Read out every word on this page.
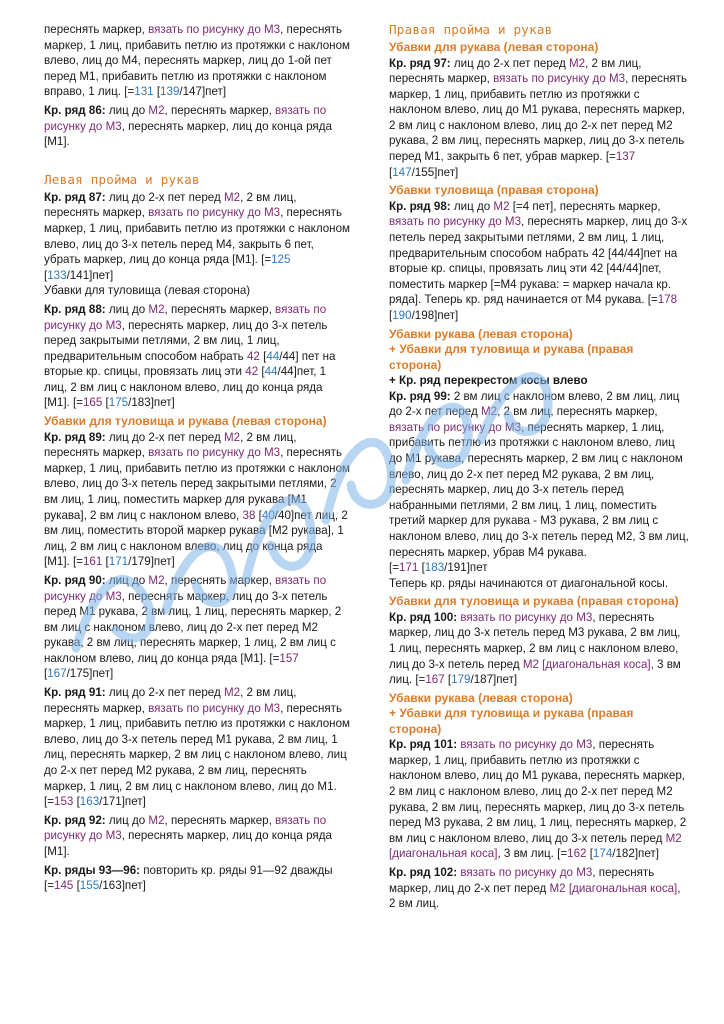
переснять маркер, вязать по рисунку до М3, переснять маркер, 1 лиц, прибавить петлю из протяжки с наклоном влево, лиц до М4, переснять маркер, лиц до 1-ой пет перед М1, прибавить петлю из протяжки с наклоном вправо, 1 лиц. [=131 [139/147]пет]

Кр. ряд 86: лиц до М2, переснять маркер, вязать по рисунку до М3, переснять маркер, лиц до конца ряда [М1].

Левая пройма и рукав

Кр. ряд 87: лиц до 2-х пет перед М2, 2 вм лиц, переснять маркер, вязать по рисунку до М3, переснять маркер, 1 лиц, прибавить петлю из протяжки с наклоном влево, лиц до 3-х петель перед М4, закрыть 6 пет, убрать маркер, лиц до конца ряда [М1]. [=125 [133/141]пет]
Убавки для туловища (левая сторона)

Кр. ряд 88: лиц до М2, переснять маркер, вязать по рисунку до М3, переснять маркер, лиц до 3-х петель перед закрытыми петлями, 2 вм лиц, 1 лиц, предварительным способом набрать 42 [44/44] пет на вторые кр. спицы, провязать лиц эти 42 [44/44]пет, 1 лиц, 2 вм лиц с наклоном влево, лиц до конца ряда [М1]. [=165 [175/183]пет]

Убавки для туловища и рукава (левая сторона)

Кр. ряд 89: лиц до 2-х пет перед М2, 2 вм лиц, переснять маркер, вязать по рисунку до М3, переснять маркер, 1 лиц, прибавить петлю из протяжки с наклоном влево, лиц до 3-х петель перед закрытыми петлями, 2 вм лиц, 1 лиц, поместить маркер для рукава [М1 рукава], 2 вм лиц с наклоном влево, 38 [40/40]пет лиц, 2 вм лиц, поместить второй маркер рукава [М2 рукава], 1 лиц, 2 вм лиц с наклоном влево, лиц до конца ряда [М1]. [=161 [171/179]пет]

Кр. ряд 90: лиц до М2, переснять маркер, вязать по рисунку до М3, переснять маркер, лиц до 3-х петель перед М1 рукава, 2 вм лиц, 1 лиц, переснять маркер, 2 вм лиц с наклоном влево, лиц до 2-х пет перед М2 рукава, 2 вм лиц, переснять маркер, 1 лиц, 2 вм лиц с наклоном влево, лиц до конца ряда [М1]. [=157 [167/175]пет]

Кр. ряд 91: лиц до 2-х пет перед М2, 2 вм лиц, переснять маркер, вязать по рисунку до М3, переснять маркер, 1 лиц, прибавить петлю из протяжки с наклоном влево, лиц до 3-х петель перед М1 рукава, 2 вм лиц, 1 лиц, переснять маркер, 2 вм лиц с наклоном влево, лиц до 2-х пет перед М2 рукава, 2 вм лиц, переснять маркер, 1 лиц, 2 вм лиц с наклоном влево, лиц до М1. [=153 [163/171]пет]

Кр. ряд 92: лиц до М2, переснять маркер, вязать по рисунку до М3, переснять маркер, лиц до конца ряда [М1].

Кр. ряды 93—96: повторить кр. ряды 91—92 дважды [=145 [155/163]пет]

Правая пройма и рукав
Убавки для рукава (левая сторона)

Кр. ряд 97: лиц до 2-х пет перед М2, 2 вм лиц, переснять маркер, вязать по рисунку до М3, переснять маркер, 1 лиц, прибавить петлю из протяжки с наклоном влево, лиц до М1 рукава, переснять маркер, 2 вм лиц с наклоном влево, лиц до 2-х пет перед М2 рукава, 2 вм лиц, переснять маркер, лиц до 3-х петель перед М1, закрыть 6 пет, убрав маркер. [=137 [147/155]пет]

Убавки туловища (правая сторона)

Кр. ряд 98: лиц до М2 [=4 пет], переснять маркер, вязать по рисунку до М3, переснять маркер, лиц до 3-х петель перед закрытыми петлями, 2 вм лиц, 1 лиц, предварительным способом набрать 42 [44/44]пет на вторые кр. спицы, провязать лиц эти 42 [44/44]пет, поместить маркер [=М4 рукава: = маркер начала кр. ряда]. Теперь кр. ряд начинается от М4 рукава. [=178 [190/198]пет]

Убавки рукава (левая сторона)
+ Убавки для туловища и рукава (правая сторона)
+ Кр. ряд перекрестом косы влево

Кр. ряд 99: 2 вм лиц с наклоном влево, 2 вм лиц, лиц до 2-х пет перед М2, 2 вм лиц, переснять маркер, вязать по рисунку до М3, переснять маркер, 1 лиц, прибавить петлю из протяжки с наклоном влево, лиц до М1 рукава, переснять маркер, 2 вм лиц с наклоном влево, лиц до 2-х пет перед М2 рукава, 2 вм лиц, переснять маркер, лиц до 3-х петель перед набранными петлями, 2 вм лиц, 1 лиц, поместить третий маркер для рукава - М3 рукава, 2 вм лиц с наклоном влево, лиц до 3-х петель перед М2, 3 вм лиц, переснять маркер, убрав М4 рукава.
[=171 [183/191]пет
Теперь кр. ряды начинаются от диагональной косы.

Убавки для туловища и рукава (правая сторона)

Кр. ряд 100: вязать по рисунку до М3, переснять маркер, лиц до 3-х петель перед М3 рукава, 2 вм лиц, 1 лиц, переснять маркер, 2 вм лиц с наклоном влево, лиц до 3-х петель перед М2 [диагональная коса], 3 вм лиц. [=167 [179/187]пет]

Убавки рукава (левая сторона)
+ Убавки для туловища и рукава (правая сторона)

Кр. ряд 101: вязать по рисунку до М3, переснять маркер, 1 лиц, прибавить петлю из протяжки с наклоном влево, лиц до М1 рукава, переснять маркер, 2 вм лиц с наклоном влево, лиц до 2-х пет перед М2 рукава, 2 вм лиц, переснять маркер, лиц до 3-х петель перед М3 рукава, 2 вм лиц, 1 лиц, переснять маркер, 2 вм лиц с наклоном влево, лиц до 3-х петель перед М2 [диагональная коса], 3 вм лиц. [=162 [174/182]пет]

Кр. ряд 102: вязать по рисунку до М3, переснять маркер, лиц до 2-х пет перед М2 [диагональная коса], 2 вм лиц.
